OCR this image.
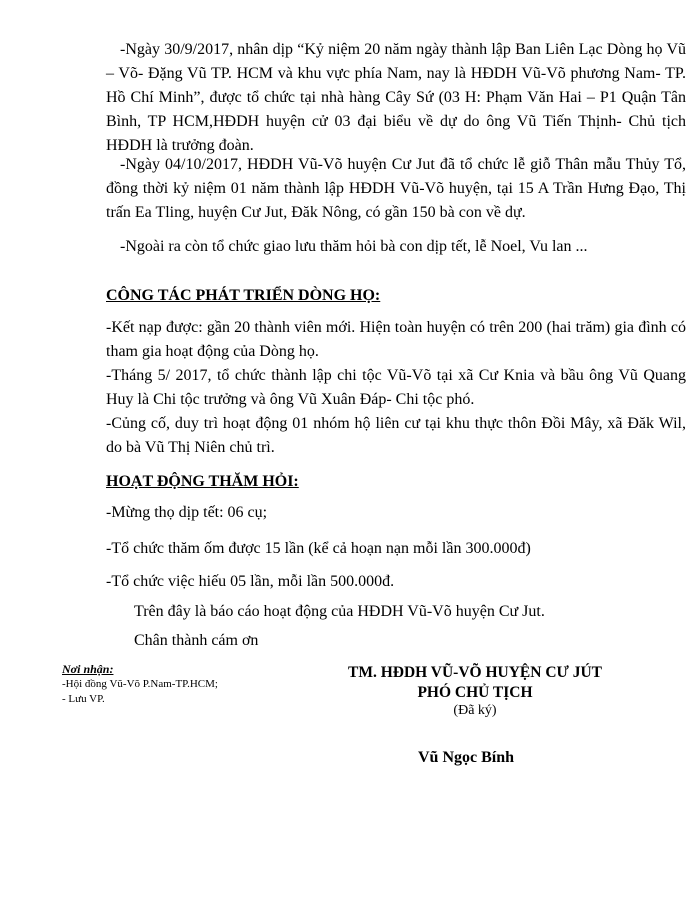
-Ngày 30/9/2017, nhân dịp “Kỷ niệm 20 năm ngày thành lập Ban Liên Lạc Dòng họ Vũ – Võ- Đặng Vũ TP. HCM và khu vực phía Nam, nay là HĐDH Vũ-Võ phương Nam- TP. Hồ Chí Minh”, được tổ chức tại nhà hàng Cây Sứ (03 H: Phạm Văn Hai – P1 Quận Tân Bình, TP HCM,HĐDH huyện cử 03 đại biểu về dự do ông Vũ Tiến Thịnh- Chủ tịch HĐDH là trưởng đoàn.

-Ngày 04/10/2017, HĐDH Vũ-Võ huyện Cư Jut đã tổ chức lễ giỗ Thân mẫu Thủy Tổ, đồng thời kỷ niệm 01 năm thành lập HĐDH Vũ-Võ huyện, tại 15 A Trần Hưng Đạo, Thị trấn Ea Tling, huyện Cư Jut, Đăk Nông, có gần 150 bà con về dự.

-Ngoài ra còn tổ chức giao lưu thăm hỏi bà con dịp tết, lễ Noel, Vu lan ...

CÔNG TÁC PHÁT TRIỂN DÒNG HỌ:

-Kết nạp được: gần 20 thành viên mới. Hiện toàn huyện có trên 200 (hai trăm) gia đình có tham gia hoạt động của Dòng họ.

-Tháng 5/ 2017, tổ chức thành lập chi tộc Vũ-Võ tại xã Cư Knia và bầu ông Vũ Quang Huy là Chi tộc trưởng và ông Vũ Xuân Đáp- Chi tộc phó.

-Củng cố, duy trì hoạt động 01 nhóm hộ liên cư tại khu thực thôn Đồi Mây, xã Đăk Wil, do bà Vũ Thị Niên chủ trì.

HOẠT ĐỘNG THĂM HỎI:
-Mừng thọ dịp tết: 06 cụ;
-Tổ chức thăm ốm được 15 lần (kể cả hoạn nạn mỗi lần 300.000đ)
-Tổ chức việc hiếu 05 lần, mỗi lần 500.000đ.
Trên đây là báo cáo hoạt động của HĐDH Vũ-Võ huyện Cư Jut.
Chân thành cám ơn
Nơi nhận:
-Hội đồng Vũ-Võ P.Nam-TP.HCM;
- Lưu VP.
TM. HĐDH VŨ-VÕ HUYỆN CƯ JÚT
PHÓ CHỦ TỊCH
(Đã ký)
Vũ Ngọc Bính
